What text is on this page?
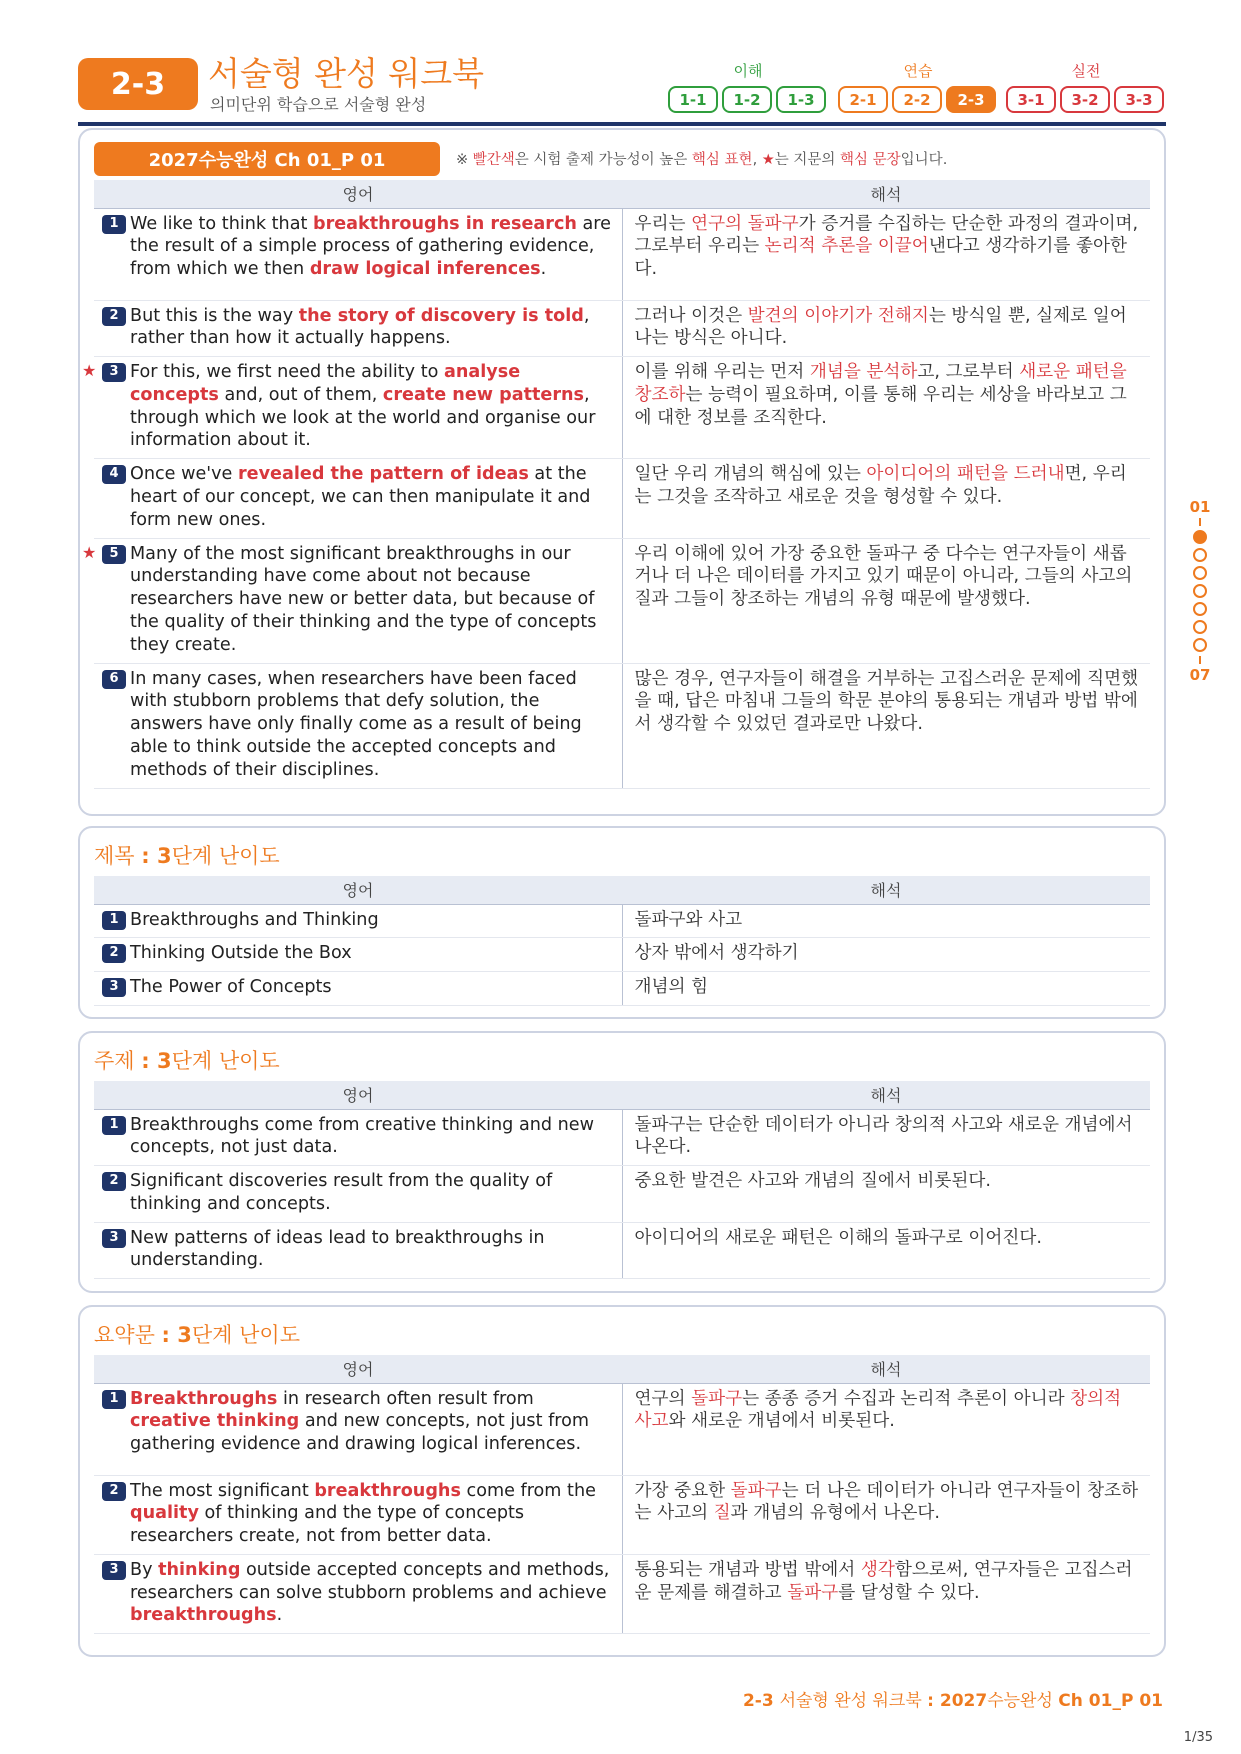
2-3	서술형 완성 워크북
의미단위 학습으로 서술형 완성
이해
1-1	1-2	1-3
연습
2-1	2-2	2-3
실전
3-1	3-2	3-3
2027수능완성 Ch 01_P 01	※ 빨간색은 시험 출제 가능성이 높은 핵심 표현, ★는 지문의 핵심 문장입니다.
영어	해석

1 We like to think that breakthroughs in research are the result of a simple process of gathering evidence, from which we then draw logical inferences.	우리는 연구의 돌파구가 증거를 수집하는 단순한 과정의 결과이며, 그로부터 우리는 논리적 추론을 이끌어낸다고 생각하기를 좋아한다.

2 But this is the way the story of discovery is told, rather than how it actually happens.	그러나 이것은 발견의 이야기가 전해지는 방식일 뿐, 실제로 일어나는 방식은 아니다.

★ 3 For this, we first need the ability to analyse concepts and, out of them, create new patterns, through which we look at the world and organise our information about it.	이를 위해 우리는 먼저 개념을 분석하고, 그로부터 새로운 패턴을 창조하는 능력이 필요하며, 이를 통해 우리는 세상을 바라보고 그에 대한 정보를 조직한다.

4 Once we've revealed the pattern of ideas at the heart of our concept, we can then manipulate it and form new ones.	일단 우리 개념의 핵심에 있는 아이디어의 패턴을 드러내면, 우리는 그것을 조작하고 새로운 것을 형성할 수 있다.

★ 5 Many of the most significant breakthroughs in our understanding have come about not because researchers have new or better data, but because of the quality of their thinking and the type of concepts they create.	우리 이해에 있어 가장 중요한 돌파구 중 다수는 연구자들이 새롭거나 더 나은 데이터를 가지고 있기 때문이 아니라, 그들의 사고의 질과 그들이 창조하는 개념의 유형 때문에 발생했다.

6 In many cases, when researchers have been faced with stubborn problems that defy solution, the answers have only finally come as a result of being able to think outside the accepted concepts and methods of their disciplines.	많은 경우, 연구자들이 해결을 거부하는 고집스러운 문제에 직면했을 때, 답은 마침내 그들의 학문 분야의 통용되는 개념과 방법 밖에서 생각할 수 있었던 결과로만 나왔다.
제목 : 3단계 난이도
영어	해석

1 Breakthroughs and Thinking	돌파구와 사고

2 Thinking Outside the Box	상자 밖에서 생각하기

3 The Power of Concepts	개념의 힘
주제 : 3단계 난이도
영어	해석

1 Breakthroughs come from creative thinking and new concepts, not just data.	돌파구는 단순한 데이터가 아니라 창의적 사고와 새로운 개념에서 나온다.

2 Significant discoveries result from the quality of thinking and concepts.	중요한 발견은 사고와 개념의 질에서 비롯된다.

3 New patterns of ideas lead to breakthroughs in understanding.	아이디어의 새로운 패턴은 이해의 돌파구로 이어진다.
요약문 : 3단계 난이도
영어	해석

1 Breakthroughs in research often result from creative thinking and new concepts, not just from gathering evidence and drawing logical inferences.	연구의 돌파구는 종종 증거 수집과 논리적 추론이 아니라 창의적 사고와 새로운 개념에서 비롯된다.

2 The most significant breakthroughs come from the quality of thinking and the type of concepts researchers create, not from better data.	가장 중요한 돌파구는 더 나은 데이터가 아니라 연구자들이 창조하는 사고의 질과 개념의 유형에서 나온다.

3 By thinking outside accepted concepts and methods, researchers can solve stubborn problems and achieve breakthroughs.	통용되는 개념과 방법 밖에서 생각함으로써, 연구자들은 고집스러운 문제를 해결하고 돌파구를 달성할 수 있다.
01
07
2-3 서술형 완성 워크북 : 2027수능완성 Ch 01_P 01
1/35
